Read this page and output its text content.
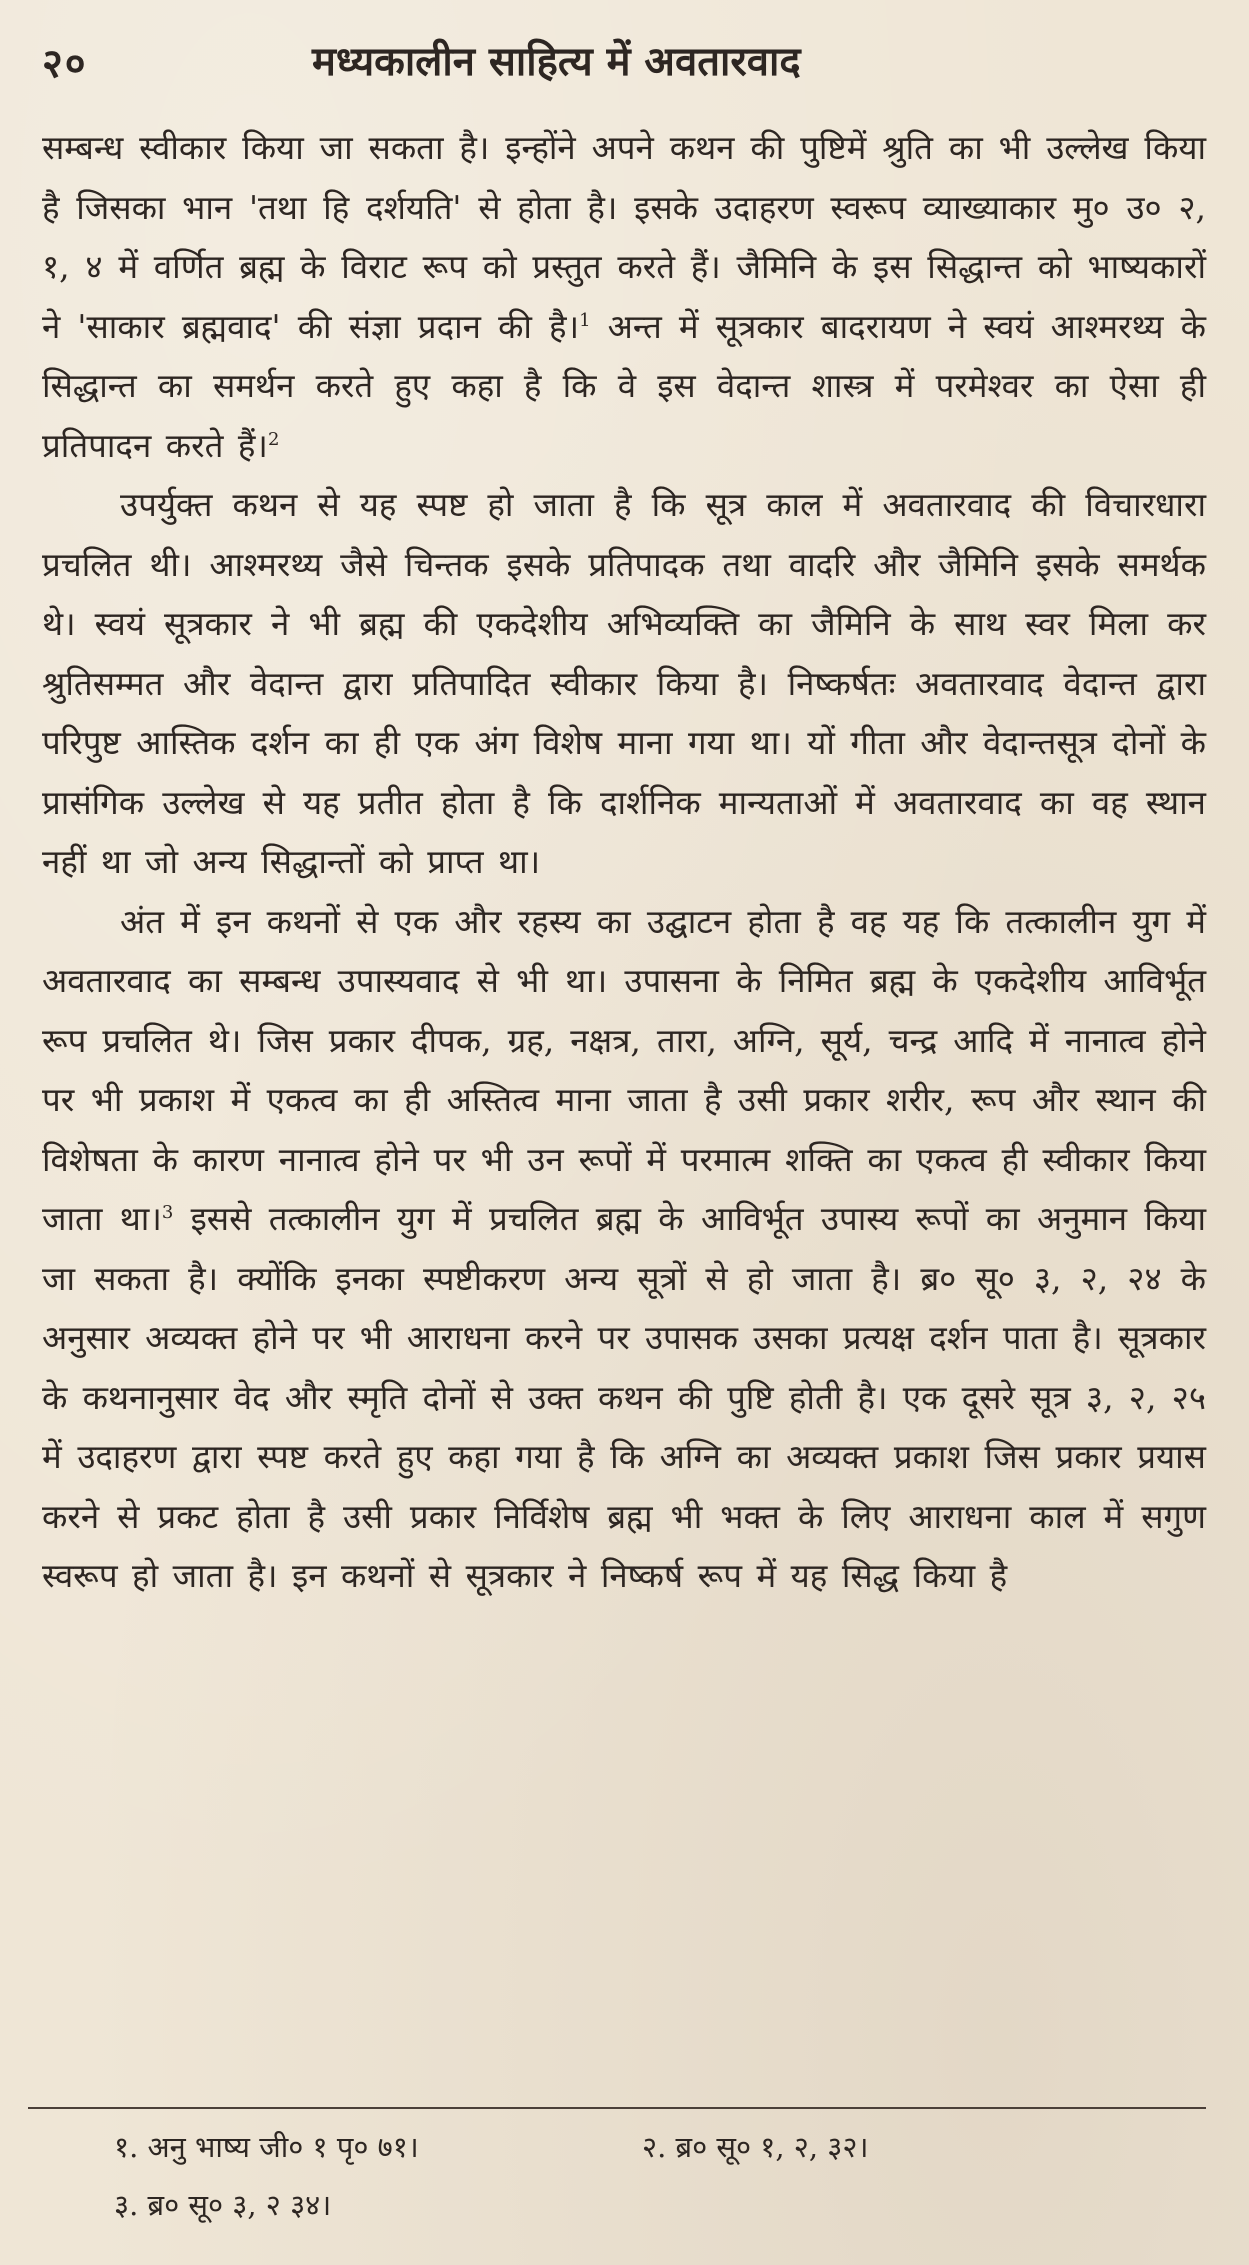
२०	मध्यकालीन साहित्य में अवतारवाद

सम्बन्ध स्वीकार किया जा सकता है। इन्होंने अपने कथन की पुष्टिमें श्रुति का भी उल्लेख किया है जिसका भान 'तथा हि दर्शयति' से होता है। इसके उदाहरण स्वरूप व्याख्याकार मु० उ० २, १, ४ में वर्णित ब्रह्म के विराट रूप को प्रस्तुत करते हैं। जैमिनि के इस सिद्धान्त को भाष्यकारों ने 'साकार ब्रह्मवाद' की संज्ञा प्रदान की है।$^1$ अन्त में सूत्रकार बादरायण ने स्वयं आश्मरथ्य के सिद्धान्त का समर्थन करते हुए कहा है कि वे इस वेदान्त शास्त्र में परमेश्वर का ऐसा ही प्रतिपादन करते हैं।$^2$

उपर्युक्त कथन से यह स्पष्ट हो जाता है कि सूत्र काल में अवतारवाद की विचारधारा प्रचलित थी। आश्मरथ्य जैसे चिन्तक इसके प्रतिपादक तथा वादरि और जैमिनि इसके समर्थक थे। स्वयं सूत्रकार ने भी ब्रह्म की एकदेशीय अभिव्यक्ति का जैमिनि के साथ स्वर मिला कर श्रुतिसम्मत और वेदान्त द्वारा प्रतिपादित स्वीकार किया है। निष्कर्षतः अवतारवाद वेदान्त द्वारा परिपुष्ट आस्तिक दर्शन का ही एक अंग विशेष माना गया था। यों गीता और वेदान्तसूत्र दोनों के प्रासंगिक उल्लेख से यह प्रतीत होता है कि दार्शनिक मान्यताओं में अवतारवाद का वह स्थान नहीं था जो अन्य सिद्धान्तों को प्राप्त था।

अंत में इन कथनों से एक और रहस्य का उद्घाटन होता है वह यह कि तत्कालीन युग में अवतारवाद का सम्बन्ध उपास्यवाद से भी था। उपासना के निमित ब्रह्म के एकदेशीय आविर्भूत रूप प्रचलित थे। जिस प्रकार दीपक, ग्रह, नक्षत्र, तारा, अग्नि, सूर्य, चन्द्र आदि में नानात्व होने पर भी प्रकाश में एकत्व का ही अस्तित्व माना जाता है उसी प्रकार शरीर, रूप और स्थान की विशेषता के कारण नानात्व होने पर भी उन रूपों में परमात्म शक्ति का एकत्व ही स्वीकार किया जाता था।$^3$ इससे तत्कालीन युग में प्रचलित ब्रह्म के आविर्भूत उपास्य रूपों का अनुमान किया जा सकता है। क्योंकि इनका स्पष्टीकरण अन्य सूत्रों से हो जाता है। ब्र० सू० ३, २, २४ के अनुसार अव्यक्त होने पर भी आराधना करने पर उपासक उसका प्रत्यक्ष दर्शन पाता है। सूत्रकार के कथनानुसार वेद और स्मृति दोनों से उक्त कथन की पुष्टि होती है। एक दूसरे सूत्र ३, २, २५ में उदाहरण द्वारा स्पष्ट करते हुए कहा गया है कि अग्नि का अव्यक्त प्रकाश जिस प्रकार प्रयास करने से प्रकट होता है उसी प्रकार निर्विशेष ब्रह्म भी भक्त के लिए आराधना काल में सगुण स्वरूप हो जाता है। इन कथनों से सूत्रकार ने निष्कर्ष रूप में यह सिद्ध किया है

१. अनु भाष्य जी० १ पृ० ७१।	२. ब्र० सू० १, २, ३२।
३. ब्र० सू० ३, २ ३४।
